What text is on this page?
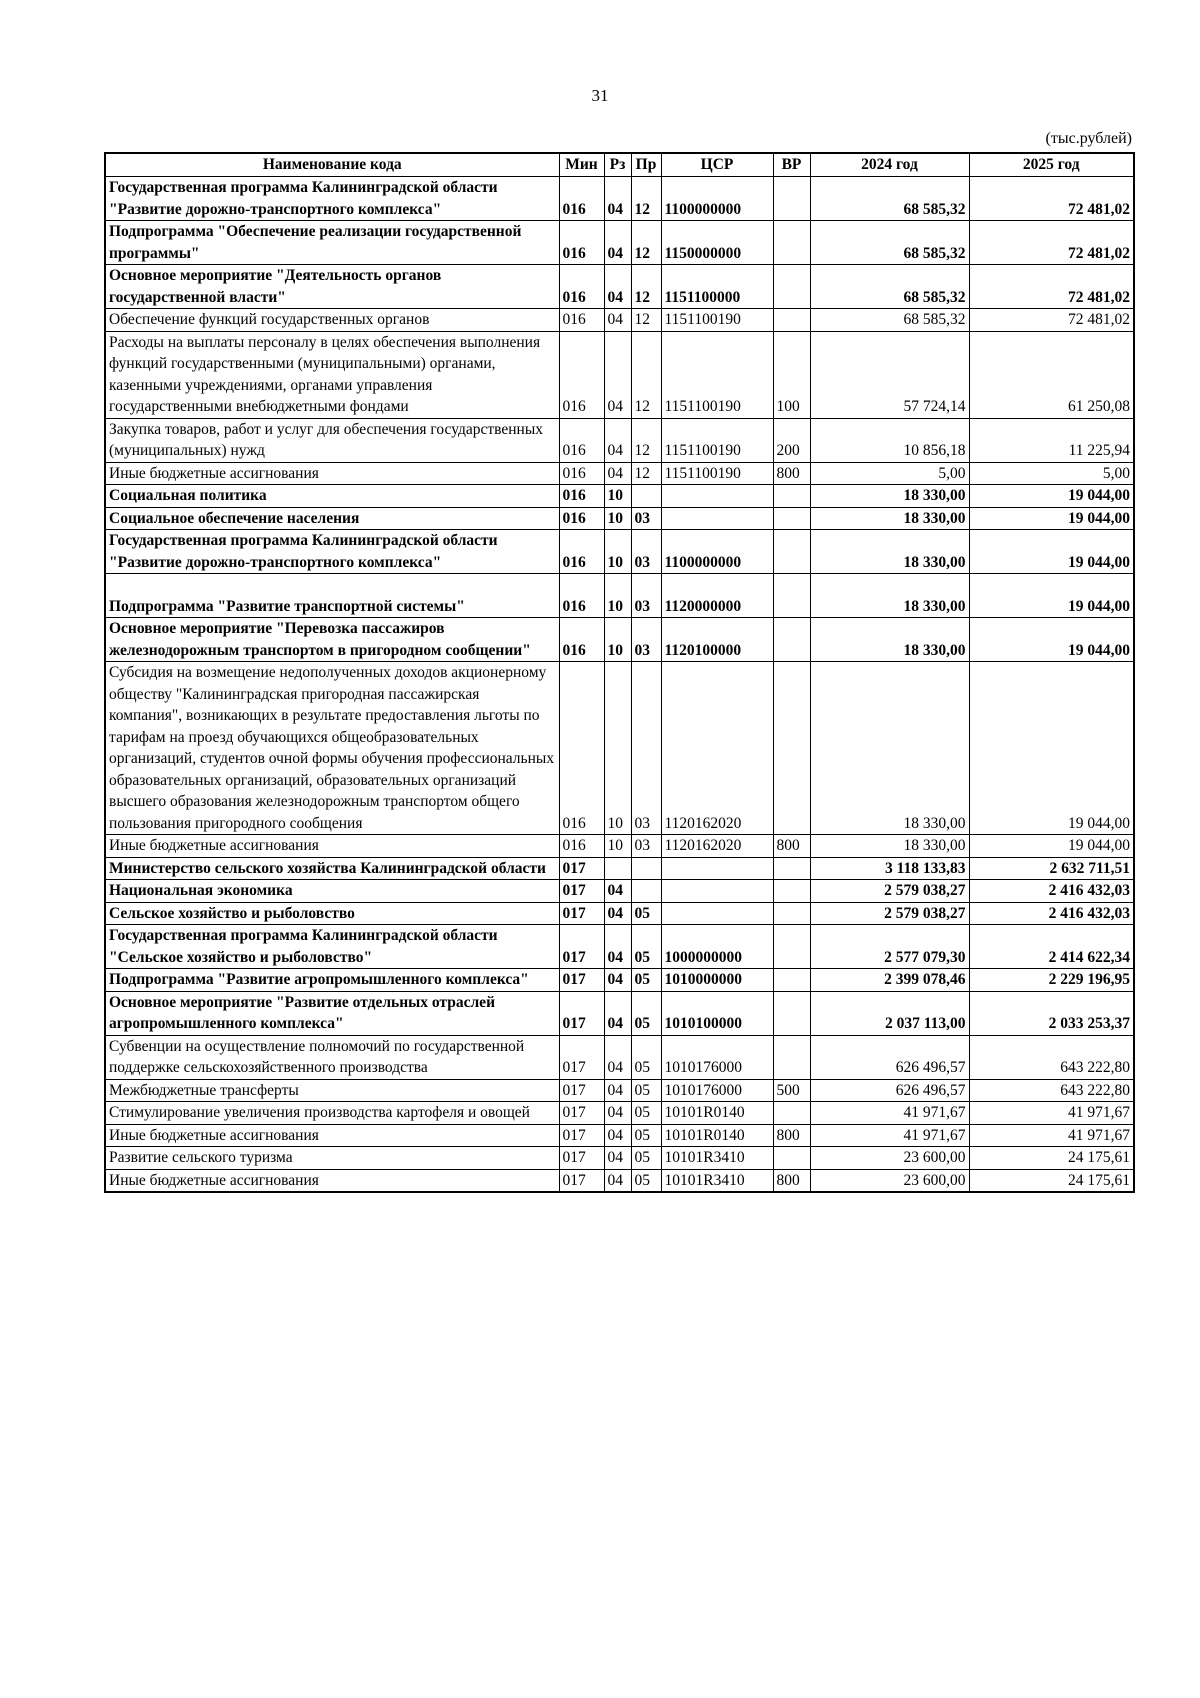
31
(тыс.рублей)
Наименование кода	Мин	Рз	Пр	ЦСР	ВР	2024 год	2025 год
Государственная программа Калининградской области "Развитие дорожно-транспортного комплекса"	016	04	12	1100000000		68 585,32	72 481,02
Подпрограмма "Обеспечение реализации государственной программы"	016	04	12	1150000000		68 585,32	72 481,02
Основное мероприятие "Деятельность органов государственной власти"	016	04	12	1151100000		68 585,32	72 481,02
Обеспечение функций государственных органов	016	04	12	1151100190		68 585,32	72 481,02
Расходы на выплаты персоналу в целях обеспечения выполнения функций государственными (муниципальными) органами, казенными учреждениями, органами управления государственными внебюджетными фондами	016	04	12	1151100190	100	57 724,14	61 250,08
Закупка товаров, работ и услуг для обеспечения государственных (муниципальных) нужд	016	04	12	1151100190	200	10 856,18	11 225,94
Иные бюджетные ассигнования	016	04	12	1151100190	800	5,00	5,00
Социальная политика	016	10				18 330,00	19 044,00
Социальное обеспечение населения	016	10	03			18 330,00	19 044,00
Государственная программа Калининградской области "Развитие дорожно-транспортного комплекса"	016	10	03	1100000000		18 330,00	19 044,00
Подпрограмма "Развитие транспортной системы"	016	10	03	1120000000		18 330,00	19 044,00
Основное мероприятие "Перевозка пассажиров железнодорожным транспортом в пригородном сообщении"	016	10	03	1120100000		18 330,00	19 044,00
Субсидия на возмещение недополученных доходов акционерному обществу "Калининградская пригородная пассажирская компания", возникающих в результате предоставления льготы по тарифам на проезд обучающихся общеобразовательных организаций, студентов очной формы обучения профессиональных образовательных организаций, образовательных организаций высшего образования железнодорожным транспортом общего пользования пригородного сообщения	016	10	03	1120162020		18 330,00	19 044,00
Иные бюджетные ассигнования	016	10	03	1120162020	800	18 330,00	19 044,00
Министерство сельского хозяйства Калининградской области	017					3 118 133,83	2 632 711,51
Национальная экономика	017	04				2 579 038,27	2 416 432,03
Сельское хозяйство и рыболовство	017	04	05			2 579 038,27	2 416 432,03
Государственная программа Калининградской области "Сельское хозяйство и рыболовство"	017	04	05	1000000000		2 577 079,30	2 414 622,34
Подпрограмма "Развитие агропромышленного комплекса"	017	04	05	1010000000		2 399 078,46	2 229 196,95
Основное мероприятие "Развитие отдельных отраслей агропромышленного комплекса"	017	04	05	1010100000		2 037 113,00	2 033 253,37
Субвенции на осуществление полномочий по государственной поддержке сельскохозяйственного производства	017	04	05	1010176000		626 496,57	643 222,80
Межбюджетные трансферты	017	04	05	1010176000	500	626 496,57	643 222,80
Стимулирование увеличения производства картофеля и овощей	017	04	05	10101R0140		41 971,67	41 971,67
Иные бюджетные ассигнования	017	04	05	10101R0140	800	41 971,67	41 971,67
Развитие сельского туризма	017	04	05	10101R3410		23 600,00	24 175,61
Иные бюджетные ассигнования	017	04	05	10101R3410	800	23 600,00	24 175,61
